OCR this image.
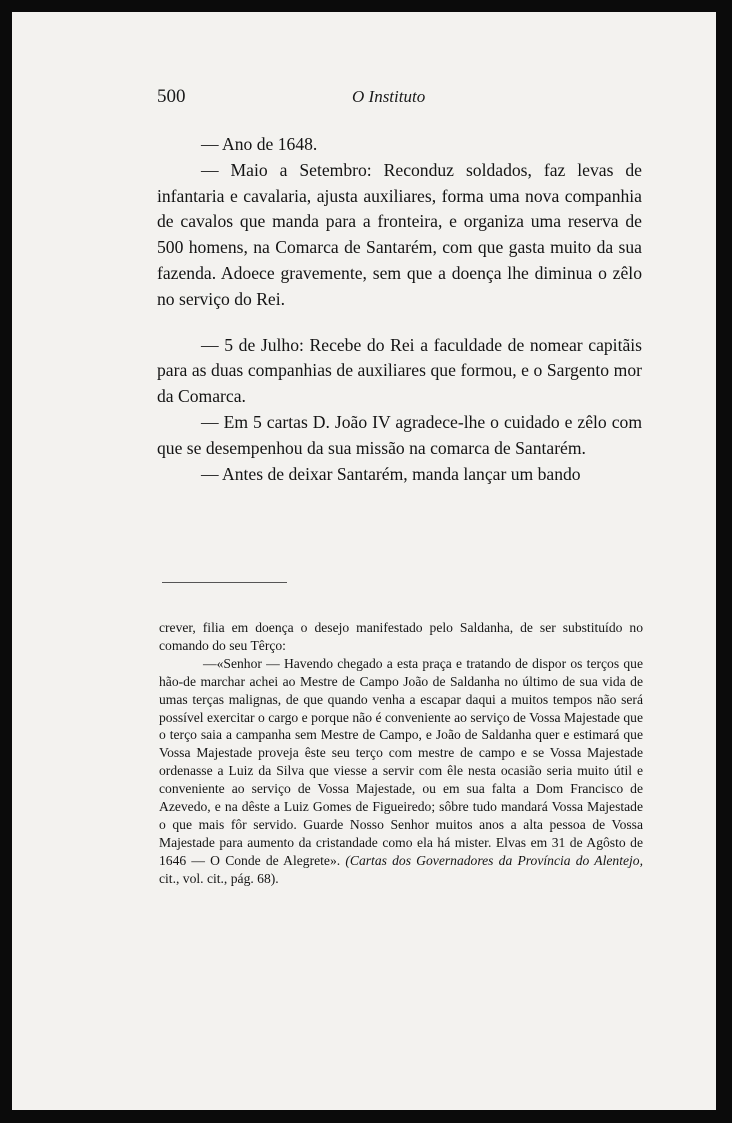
500	O Instituto

— Ano de 1648.

— Maio a Setembro: Reconduz soldados, faz levas de infantaria e cavalaria, ajusta auxiliares, forma uma nova companhia de cavalos que manda para a fronteira, e organiza uma reserva de 500 homens, na Comarca de Santarém, com que gasta muito da sua fazenda. Adoece gravemente, sem que a doença lhe diminua o zêlo no serviço do Rei.

— 5 de Julho: Recebe do Rei a faculdade de nomear capitãis para as duas companhias de auxiliares que formou, e o Sargento mor da Comarca.

— Em 5 cartas D. João IV agradece-lhe o cuidado e zêlo com que se desempenhou da sua missão na comarca de Santarém.

— Antes de deixar Santarém, manda lançar um bando

crever, filia em doença o desejo manifestado pelo Saldanha, de ser substituído no comando do seu Têrço:

—«Senhor — Havendo chegado a esta praça e tratando de dispor os terços que hão-de marchar achei ao Mestre de Campo João de Saldanha no último de sua vida de umas terças malignas, de que quando venha a escapar daqui a muitos tempos não será possível exercitar o cargo e porque não é conveniente ao serviço de Vossa Majestade que o terço saia a campanha sem Mestre de Campo, e João de Saldanha quer e estimará que Vossa Majestade proveja êste seu terço com mestre de campo e se Vossa Majestade ordenasse a Luiz da Silva que viesse a servir com êle nesta ocasião seria muito útil e conveniente ao serviço de Vossa Majestade, ou em sua falta a Dom Francisco de Azevedo, e na dêste a Luiz Gomes de Figueiredo; sôbre tudo mandará Vossa Majestade o que mais fôr servido. Guarde Nosso Senhor muitos anos a alta pessoa de Vossa Majestade para aumento da cristandade como ela há mister. Elvas em 31 de Agôsto de 1646 — O Conde de Alegrete». (Cartas dos Governadores da Província do Alentejo, cit., vol. cit., pág. 68).
